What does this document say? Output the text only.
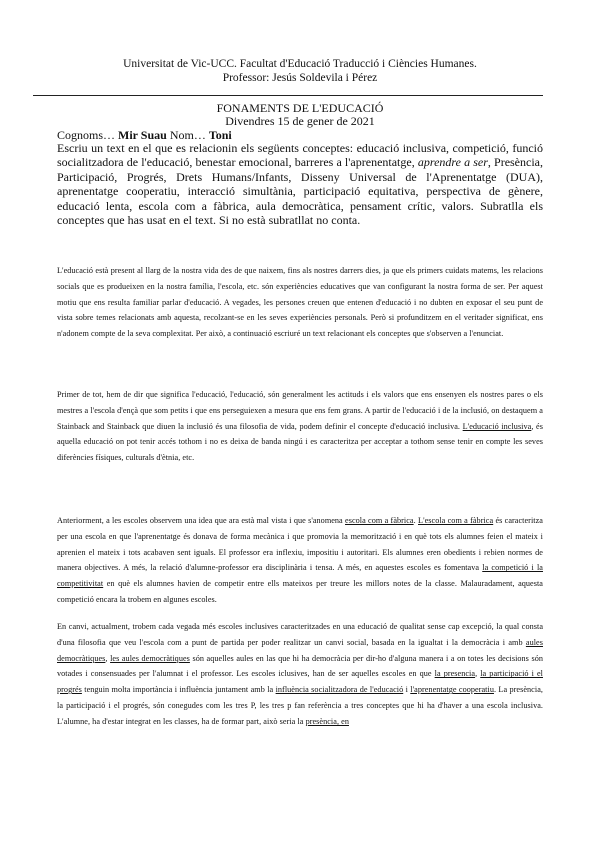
Universitat de Vic-UCC. Facultat d'Educació Traducció i Ciències Humanes.
Professor: Jesús Soldevila i Pérez
FONAMENTS DE L'EDUCACIÓ
Divendres 15 de gener de 2021
Cognoms… Mir Suau Nom… Toni

Escriu un text en el que es relacionin els següents conceptes: educació inclusiva, competició, funció socialitzadora de l'educació, benestar emocional, barreres a l'aprenentatge, aprendre a ser, Presència, Participació, Progrés, Drets Humans/Infants, Disseny Universal de l'Aprenentatge (DUA), aprenentatge cooperatiu, interacció simultània, participació equitativa, perspectiva de gènere, educació lenta, escola com a fàbrica, aula democràtica, pensament crític, valors. Subratlla els conceptes que has usat en el text. Si no està subratllat no conta.

L'educació està present al llarg de la nostra vida des de que naixem, fins als nostres darrers dies, ja que els primers cuidats matems, les relacions socials que es produeixen en la nostra família, l'escola, etc. són experiències educatives que van configurant la nostra forma de ser. Per aquest motiu que ens resulta familiar parlar d'educació. A vegades, les persones creuen que entenen d'educació i no dubten en exposar el seu punt de vista sobre temes relacionats amb aquesta, recolzant-se en les seves experiències personals. Però si profunditzem en el veritader significat, ens n'adonem compte de la seva complexitat. Per això, a continuació escriuré un text relacionant els conceptes que s'observen a l'enunciat.

Primer de tot, hem de dir que significa l'educació, l'educació, són generalment les actituds i els valors que ens ensenyen els nostres pares o els mestres a l'escola d'ençà que som petits i que ens perseguiexen a mesura que ens fem grans. A partir de l'educació i de la inclusió, on destaquem a Stainback and Stainback que diuen la inclusió és una filosofia de vida, podem definir el concepte d'educació inclusiva. L'educació inclusiva, és aquella educació on pot tenir accés tothom i no es deixa de banda ningú i es caracteritza per acceptar a tothom sense tenir en compte les seves diferències físiques, culturals d'ètnia, etc.

Anteriorment, a les escoles observem una idea que ara està mal vista i que s'anomena escola com a fàbrica. L'escola com a fàbrica és caracteritza per una escola en que l'aprenentatge és donava de forma mecànica i que promovia la memorització i en què tots els alumnes feien el mateix i aprenien el mateix i tots acabaven sent iguals. El professor era inflexiu, impositiu i autoritari. Els alumnes eren obedients i rebien normes de manera objectives. A més, la relació d'alumne-professor era disciplinària i tensa. A més, en aquestes escoles es fomentava la competició i la competitivitat en què els alumnes havien de competir entre ells mateixos per treure les millors notes de la classe. Malauradament, aquesta competició encara la trobem en algunes escoles.

En canvi, actualment, trobem cada vegada més escoles inclusives caracteritzades en una educació de qualitat sense cap excepció, la qual consta d'una filosofia que veu l'escola com a punt de partida per poder realitzar un canvi social, basada en la igualtat i la democràcia i amb aules democràtiques, les aules democràtiques són aquelles aules en las que hi ha democràcia per dir-ho d'alguna manera i a on totes les decisions són votades i consensuades per l'alumnat i el professor. Les escoles iclusives, han de ser aquelles escoles en que la presencia, la participació i el progrés tenguin molta importància i influència juntament amb la influència socialitzadora de l'educació i l'aprenentatge cooperatiu. La presència, la participació i el progrés, són conegudes com les tres P, les tres p fan referència a tres conceptes que hi ha d'haver a una escola inclusiva. L'alumne, ha d'estar integrat en les classes, ha de formar part, això seria la presència, en
